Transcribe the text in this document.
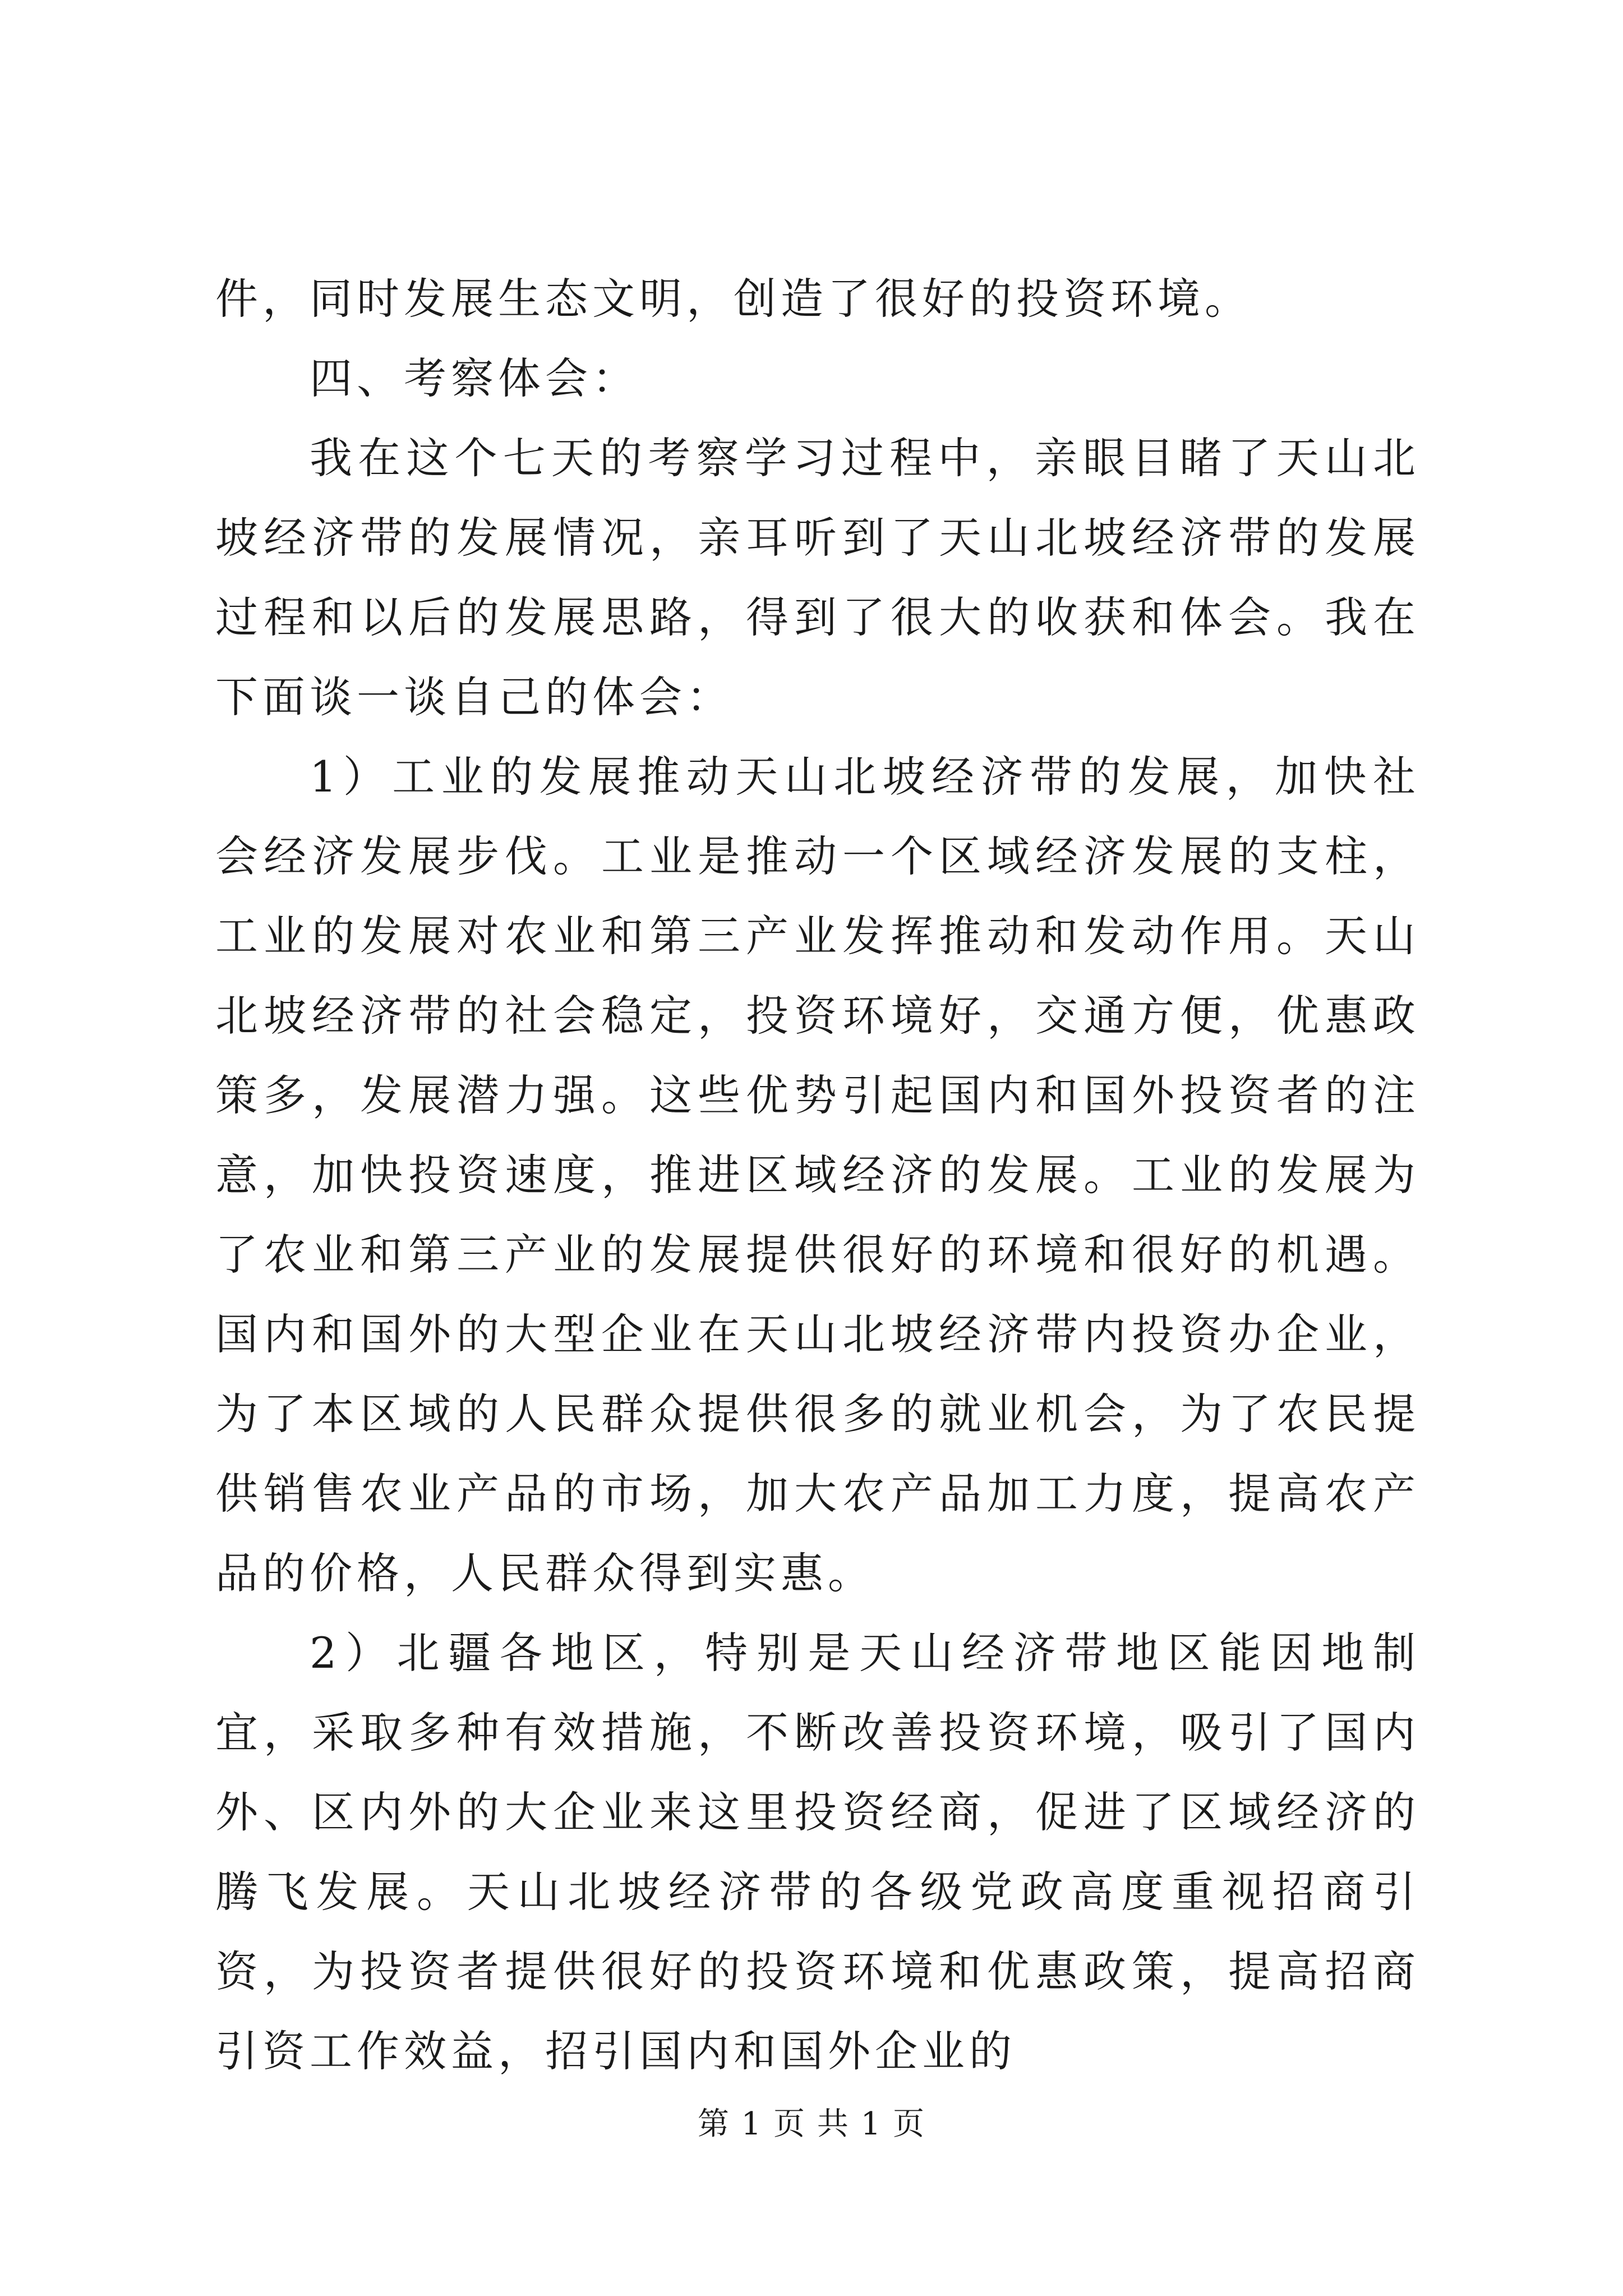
件，同时发展生态文明，创造了很好的投资环境。

四、考察体会：

我在这个七天的考察学习过程中，亲眼目睹了天山北坡经济带的发展情况，亲耳听到了天山北坡经济带的发展过程和以后的发展思路，得到了很大的收获和体会。我在下面谈一谈自己的体会：

1）工业的发展推动天山北坡经济带的发展，加快社会经济发展步伐。工业是推动一个区域经济发展的支柱，工业的发展对农业和第三产业发挥推动和发动作用。天山北坡经济带的社会稳定，投资环境好，交通方便，优惠政策多，发展潜力强。这些优势引起国内和国外投资者的注意，加快投资速度，推进区域经济的发展。工业的发展为了农业和第三产业的发展提供很好的环境和很好的机遇。国内和国外的大型企业在天山北坡经济带内投资办企业，为了本区域的人民群众提供很多的就业机会，为了农民提供销售农业产品的市场，加大农产品加工力度，提高农产品的价格，人民群众得到实惠。

2）北疆各地区，特别是天山经济带地区能因地制宜，采取多种有效措施，不断改善投资环境，吸引了国内外、区内外的大企业来这里投资经商，促进了区域经济的腾飞发展。天山北坡经济带的各级党政高度重视招商引资，为投资者提供很好的投资环境和优惠政策，提高招商引资工作效益，招引国内和国外企业的

第 1 页 共 1 页
